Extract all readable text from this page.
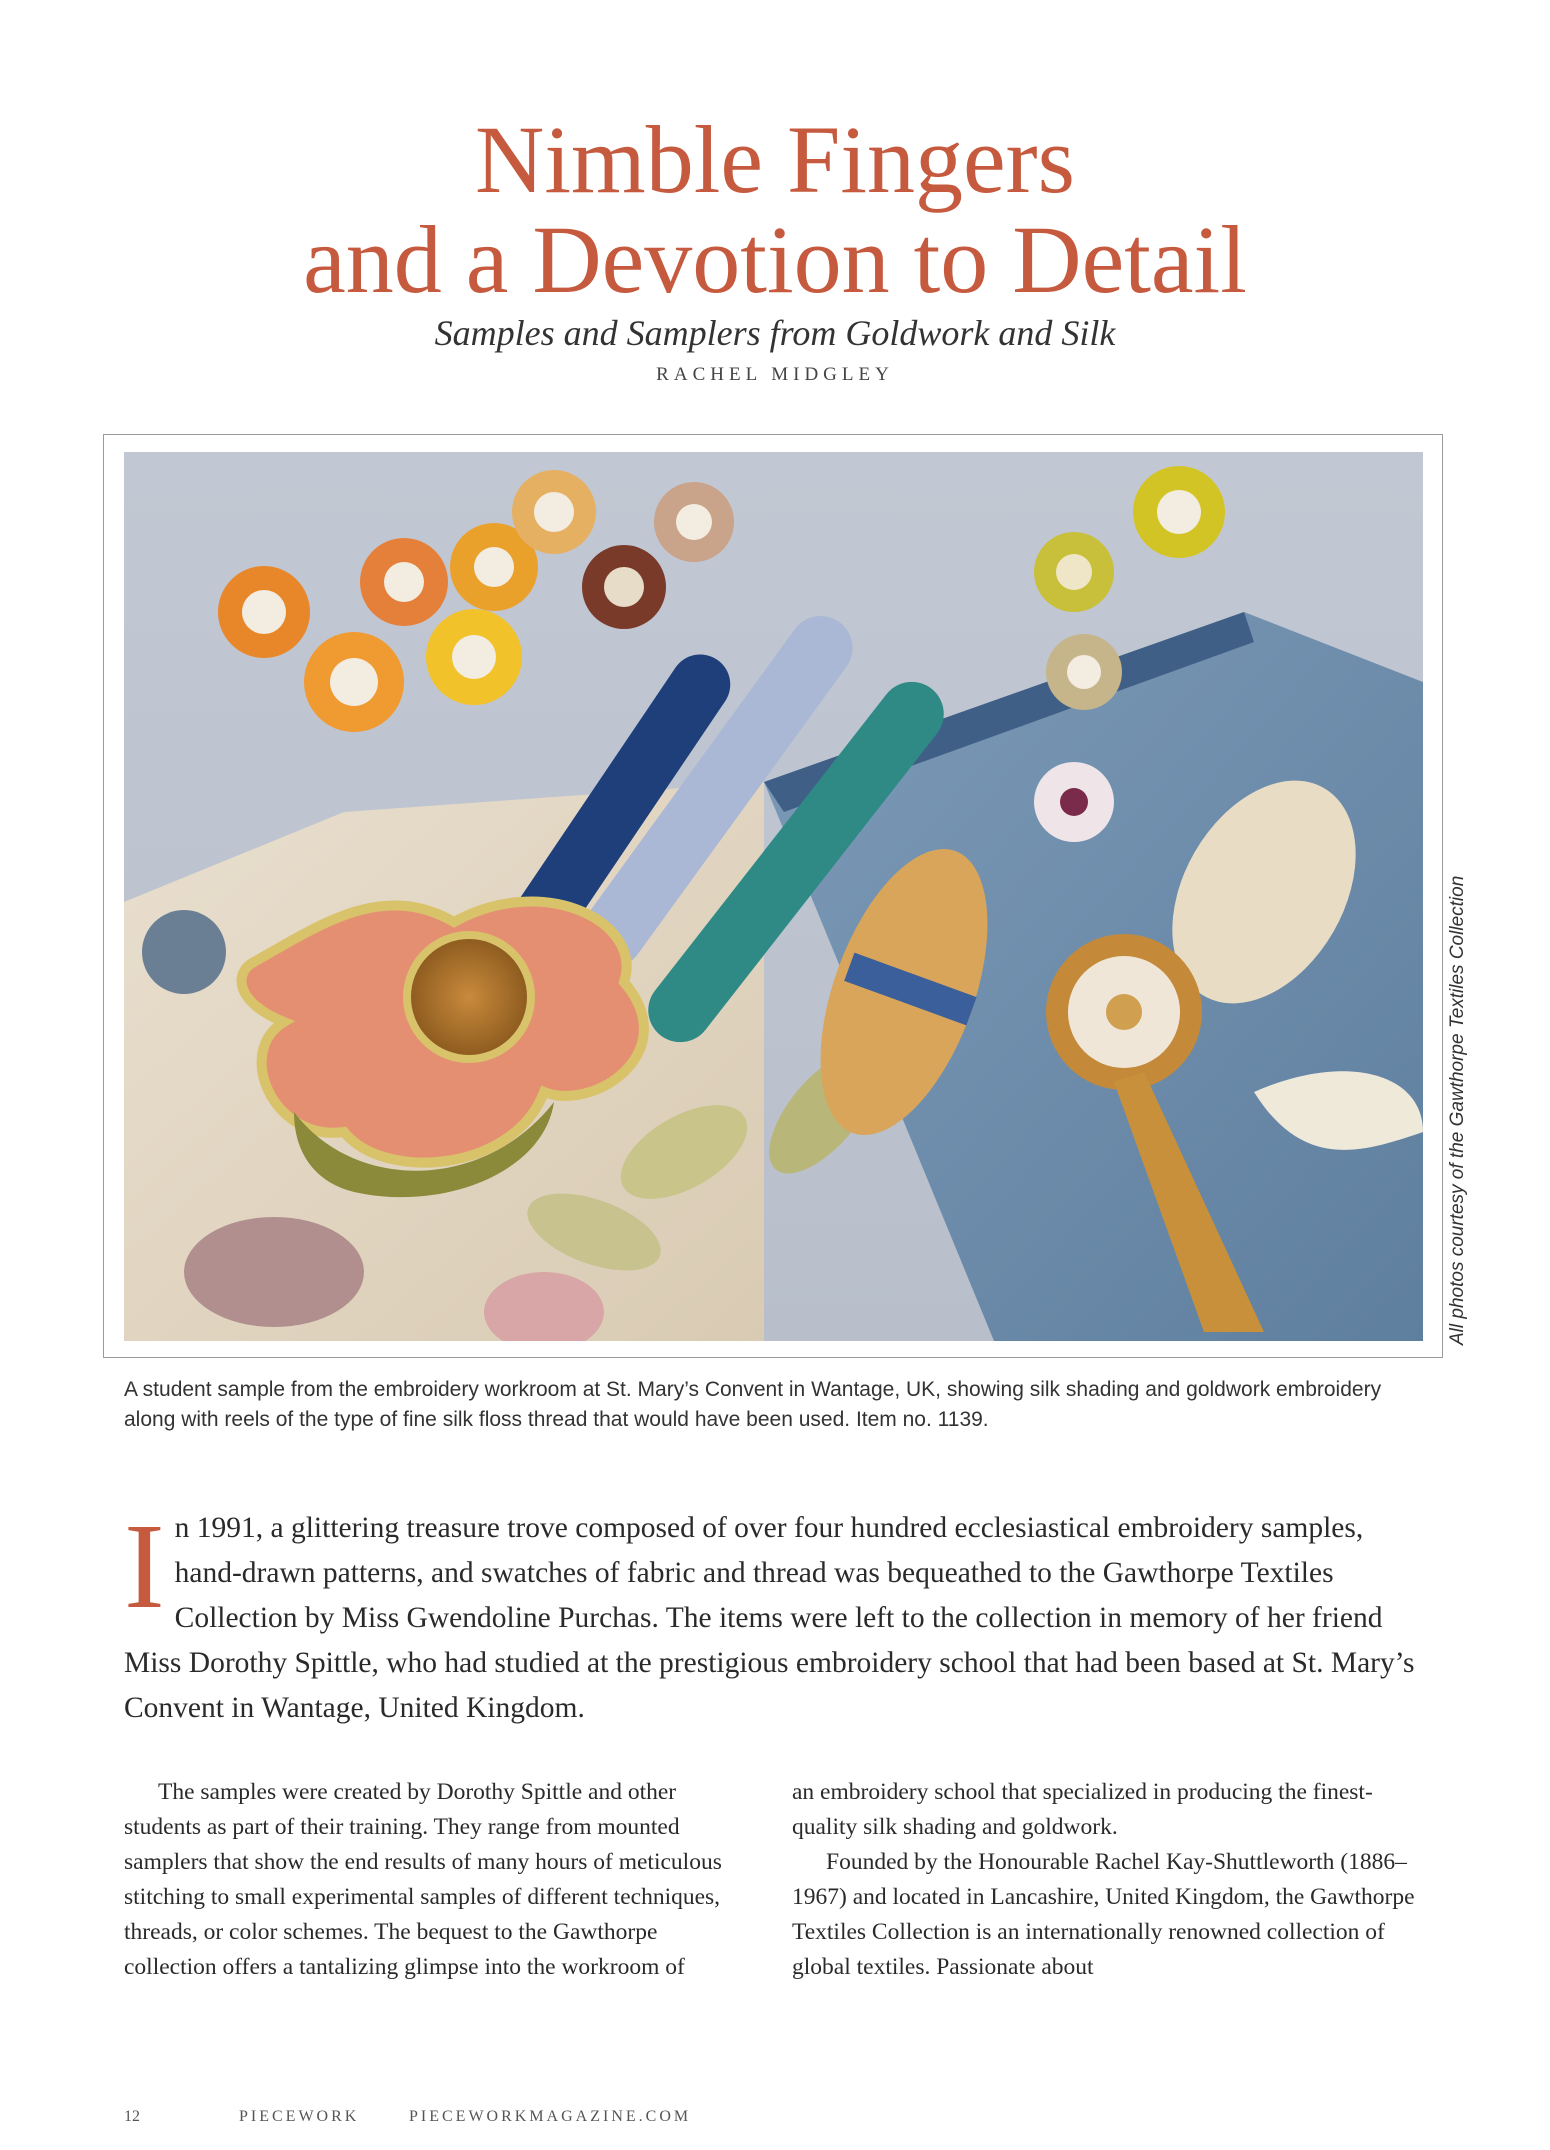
Nimble Fingers
and a Devotion to Detail
Samples and Samplers from Goldwork and Silk
RACHEL MIDGLEY
All photos courtesy of the Gawthorpe Textiles Collection
A student sample from the embroidery workroom at St. Mary’s Convent in Wantage, UK, showing silk shading and goldwork embroidery along with reels of the type of fine silk floss thread that would have been used. Item no. 1139.
In 1991, a glittering treasure trove composed of over four hundred ecclesiastical embroidery samples, hand-drawn patterns, and swatches of fabric and thread was bequeathed to the Gawthorpe Textiles Collection by Miss Gwendoline Purchas. The items were left to the collection in memory of her friend Miss Dorothy Spittle, who had studied at the prestigious embroidery school that had been based at St. Mary’s Convent in Wantage, United Kingdom.

The samples were created by Dorothy Spittle and other students as part of their training. They range from mounted samplers that show the end results of many hours of meticulous stitching to small experimental samples of different techniques, threads, or color schemes. The bequest to the Gawthorpe collection offers a tantalizing glimpse into the workroom of

an embroidery school that specialized in producing the finest-quality silk shading and goldwork.

Founded by the Honourable Rachel Kay-Shuttleworth (1886–1967) and located in Lancashire, United Kingdom, the Gawthorpe Textiles Collection is an internationally renowned collection of global textiles. Passionate about

12	PIECEWORK	PIECEWORKMAGAZINE.COM
